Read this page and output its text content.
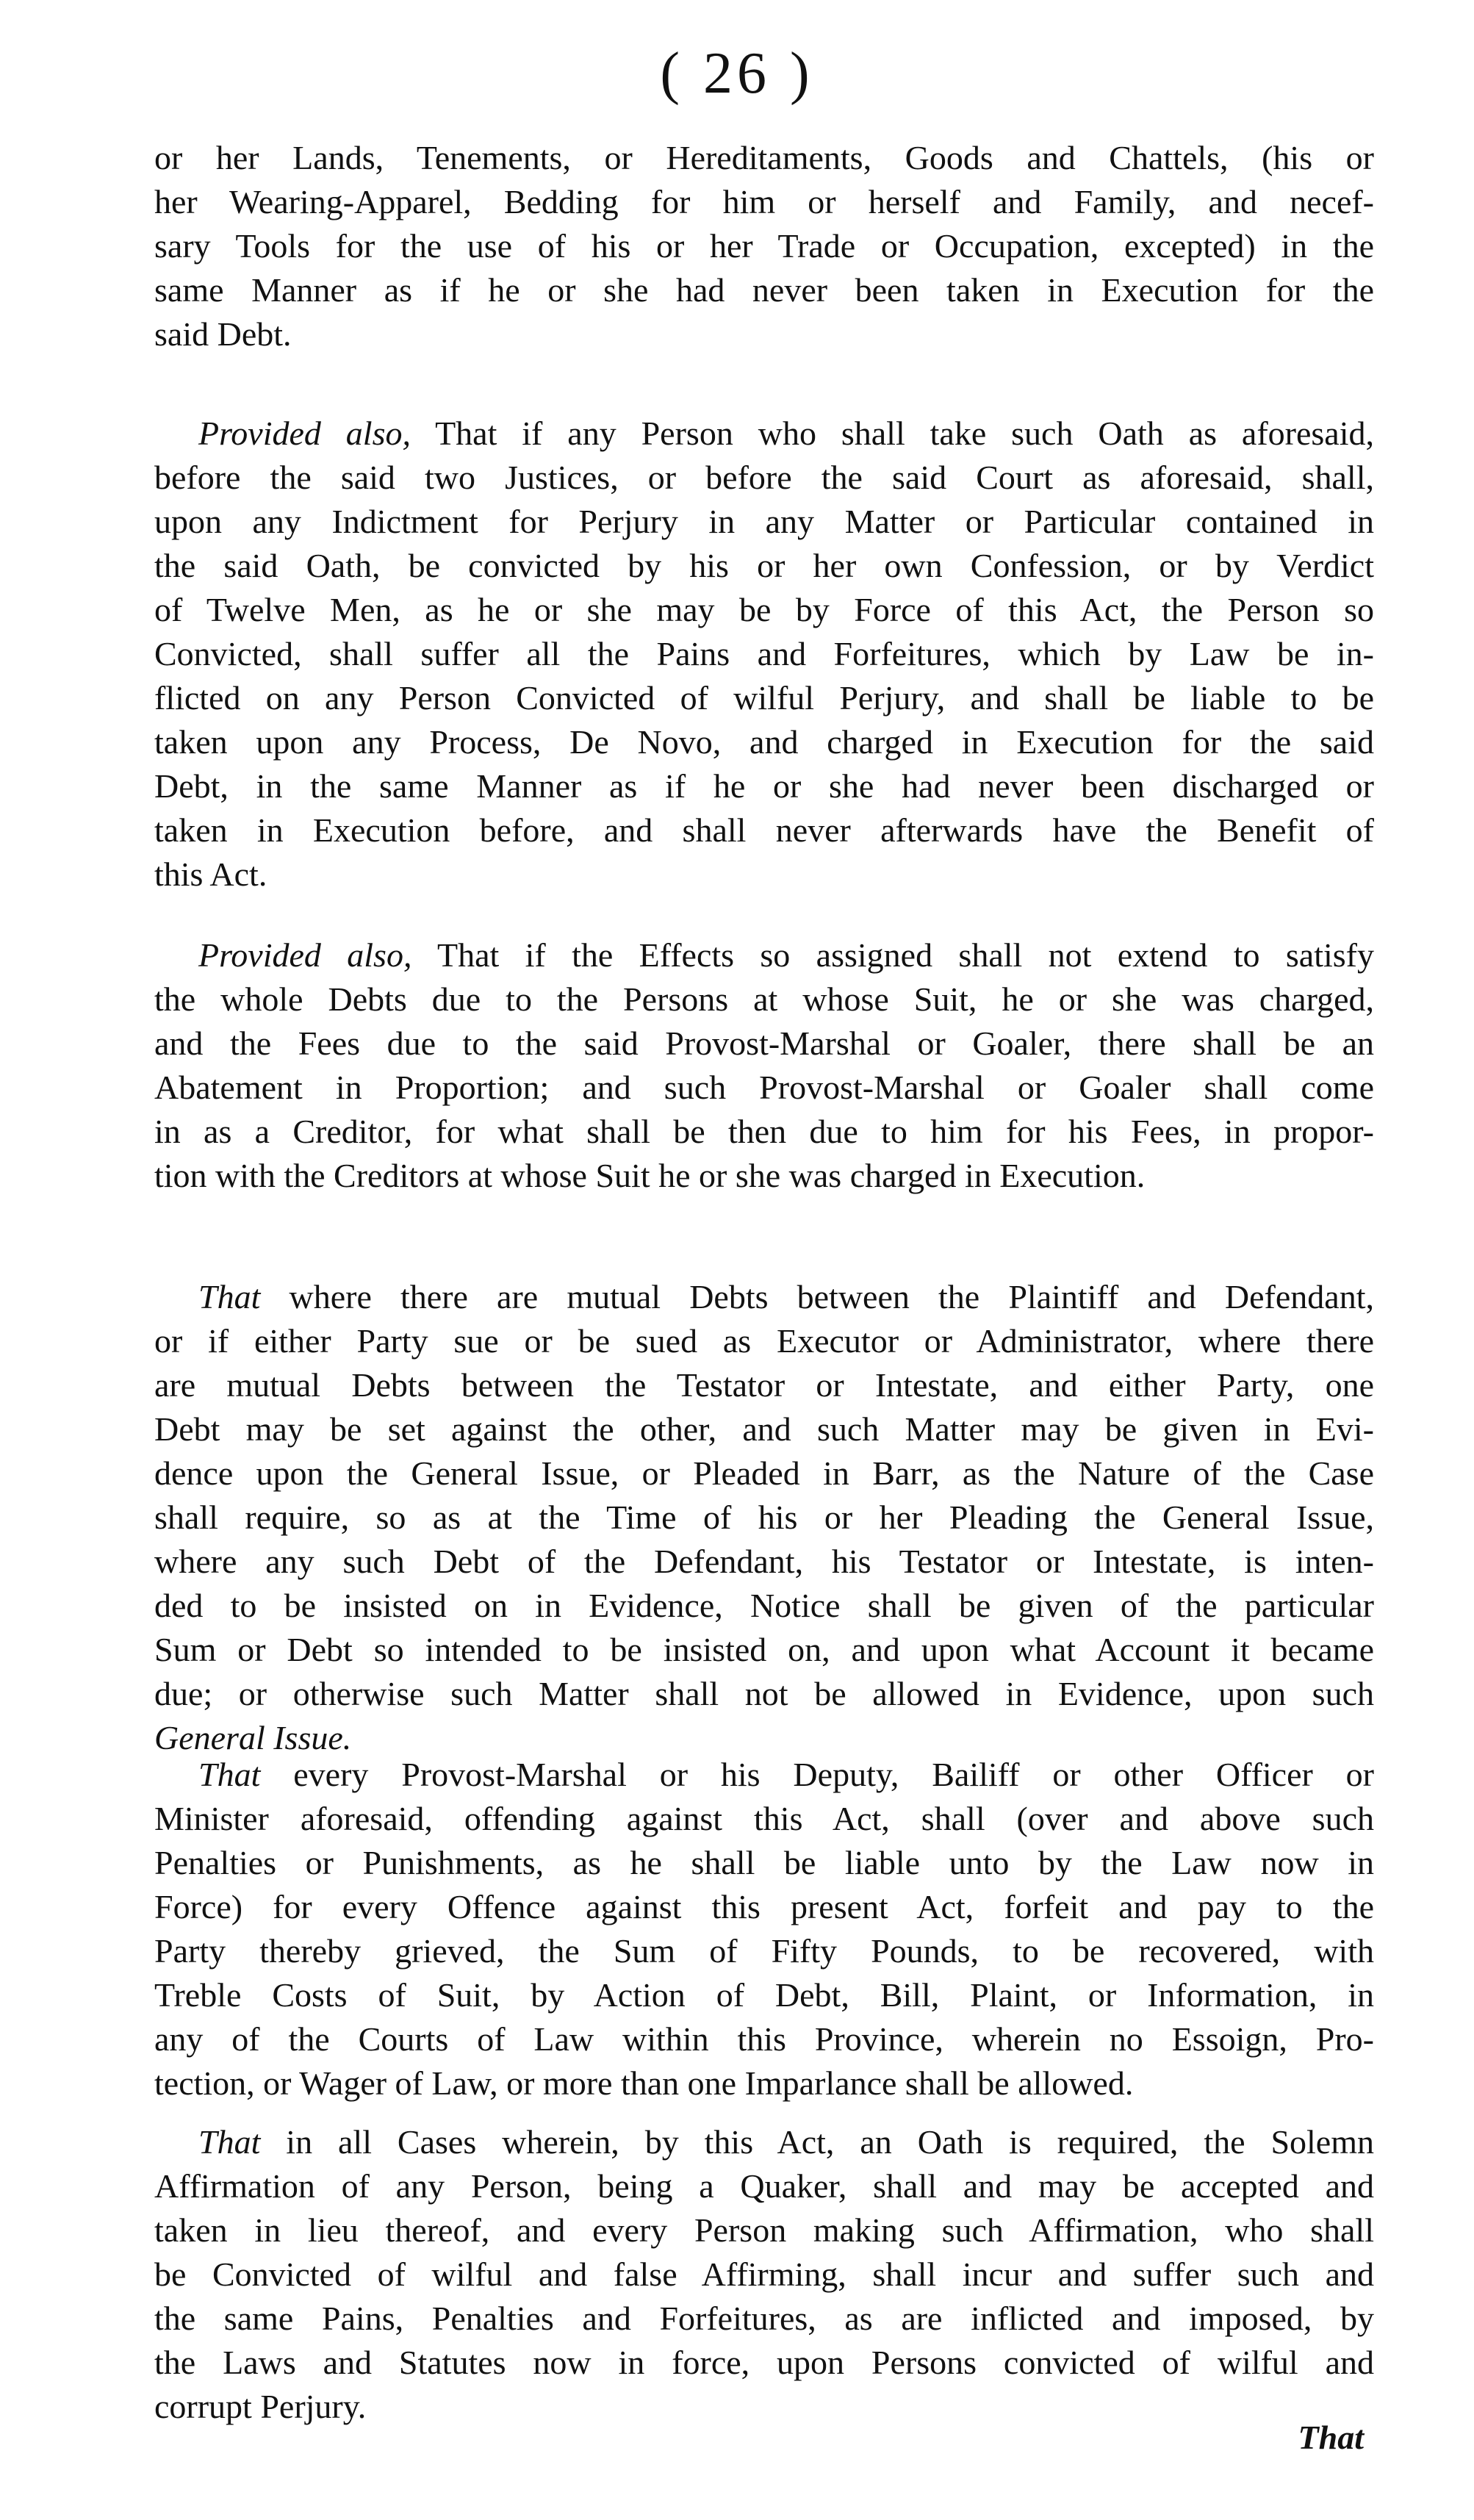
( 26 )
or her Lands, Tenements, or Hereditaments, Goods and Chattels, (his or
her Wearing-Apparel, Bedding for him or herself and Family, and necef-
sary Tools for the use of his or her Trade or Occupation, excepted) in the
same Manner as if he or she had never been taken in Execution for the
said Debt.
Provided also, That if any Person who shall take such Oath as aforesaid,
before the said two Justices, or before the said Court as aforesaid, shall,
upon any Indictment for Perjury in any Matter or Particular contained in
the said Oath, be convicted by his or her own Confession, or by Verdict
of Twelve Men, as he or she may be by Force of this Act, the Person so
Convicted, shall suffer all the Pains and Forfeitures, which by Law be in-
flicted on any Person Convicted of wilful Perjury, and shall be liable to be
taken upon any Process, De Novo, and charged in Execution for the said
Debt, in the same Manner as if he or she had never been discharged or
taken in Execution before, and shall never afterwards have the Benefit of
this Act.
Provided also, That if the Effects so assigned shall not extend to satisfy
the whole Debts due to the Persons at whose Suit, he or she was charged,
and the Fees due to the said Provost-Marshal or Goaler, there shall be an
Abatement in Proportion; and such Provost-Marshal or Goaler shall come
in as a Creditor, for what shall be then due to him for his Fees, in propor-
tion with the Creditors at whose Suit he or she was charged in Execution.
That where there are mutual Debts between the Plaintiff and Defendant,
or if either Party sue or be sued as Executor or Administrator, where there
are mutual Debts between the Testator or Intestate, and either Party, one
Debt may be set against the other, and such Matter may be given in Evi-
dence upon the General Issue, or Pleaded in Barr, as the Nature of the Case
shall require, so as at the Time of his or her Pleading the General Issue,
where any such Debt of the Defendant, his Testator or Intestate, is inten-
ded to be insisted on in Evidence, Notice shall be given of the particular
Sum or Debt so intended to be insisted on, and upon what Account it became
due; or otherwise such Matter shall not be allowed in Evidence, upon such
General Issue.
That every Provost-Marshal or his Deputy, Bailiff or other Officer or
Minister aforesaid, offending against this Act, shall (over and above such
Penalties or Punishments, as he shall be liable unto by the Law now in
Force) for every Offence against this present Act, forfeit and pay to the
Party thereby grieved, the Sum of Fifty Pounds, to be recovered, with
Treble Costs of Suit, by Action of Debt, Bill, Plaint, or Information, in
any of the Courts of Law within this Province, wherein no Essoign, Pro-
tection, or Wager of Law, or more than one Imparlance shall be allowed.
That in all Cases wherein, by this Act, an Oath is required, the Solemn
Affirmation of any Person, being a Quaker, shall and may be accepted and
taken in lieu thereof, and every Person making such Affirmation, who shall
be Convicted of wilful and false Affirming, shall incur and suffer such and
the same Pains, Penalties and Forfeitures, as are inflicted and imposed, by
the Laws and Statutes now in force, upon Persons convicted of wilful and
corrupt Perjury.
That
